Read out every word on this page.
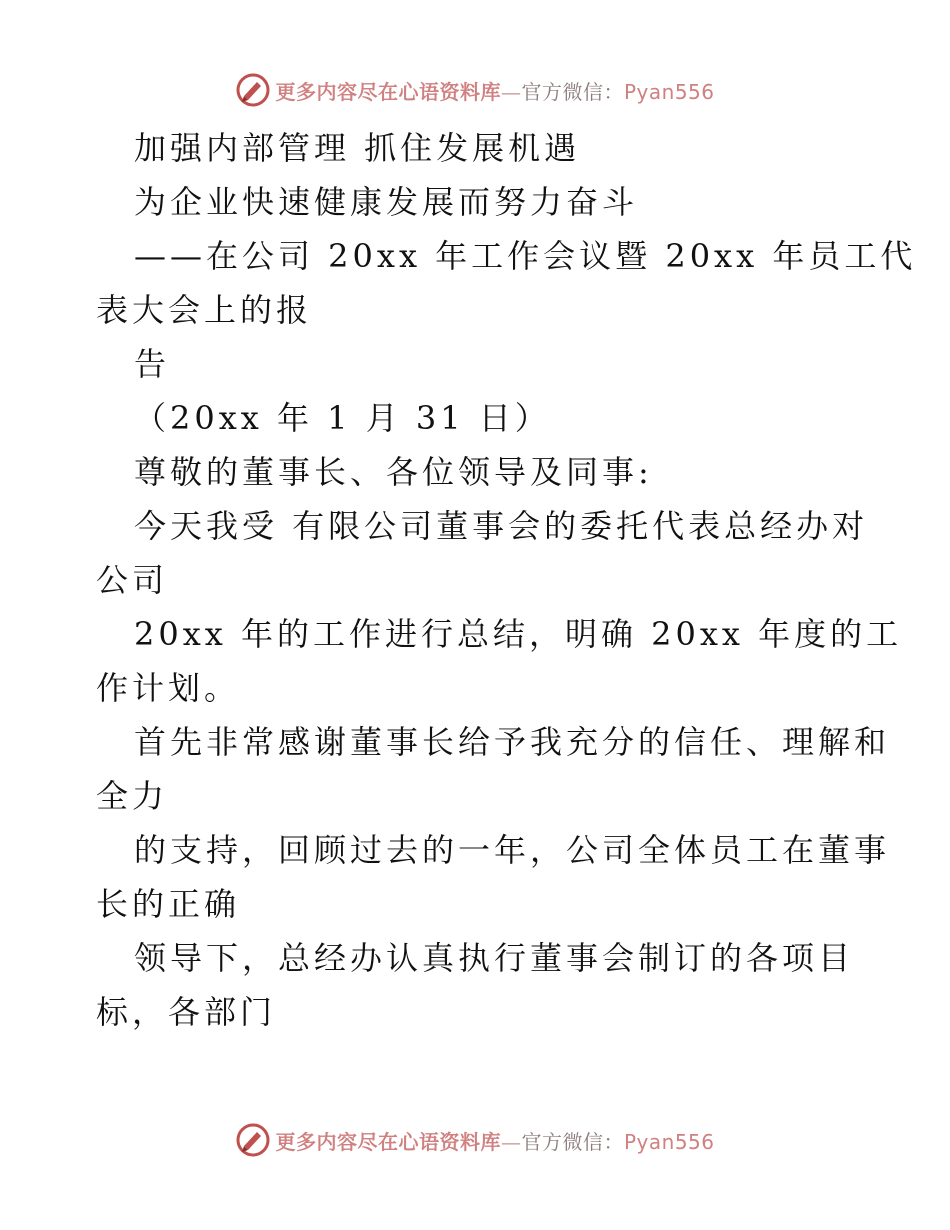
更多内容尽在心语资料库—官方微信：Pyan556
加强内部管理 抓住发展机遇
为企业快速健康发展而努力奋斗
——在公司 20xx 年工作会议暨 20xx 年员工代
表大会上的报
告
（20xx 年 1 月 31 日）
尊敬的董事长、各位领导及同事:
今天我受 有限公司董事会的委托代表总经办对
公司
20xx 年的工作进行总结，明确 20xx 年度的工
作计划。
首先非常感谢董事长给予我充分的信任、理解和
全力
的支持，回顾过去的一年，公司全体员工在董事
长的正确
领导下，总经办认真执行董事会制订的各项目
标，各部门
更多内容尽在心语资料库—官方微信：Pyan556
